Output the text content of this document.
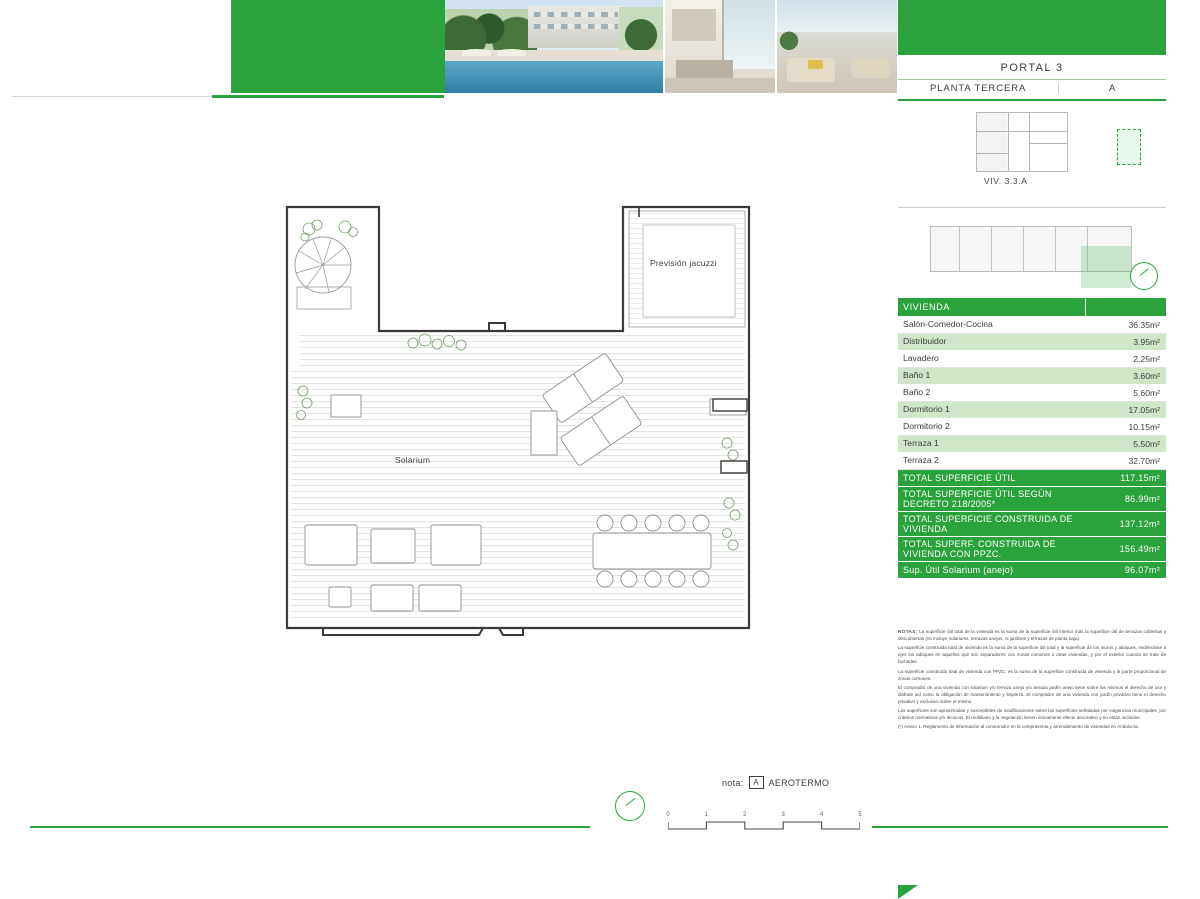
Previsión jacuzzi
Solarium
PORTAL 3
PLANTA TERCERA	A
VIV. 3.3.A
VIVIENDA
Salón-Comedor-Cocina	36.35m²
Distribuidor	3.95m²
Lavadero	2.25m²
Baño 1	3.60m²
Baño 2	5.60m²
Dormitorio 1	17.05m²
Dormitorio 2	10.15m²
Terraza 1	5.50m²
Terraza 2	32.70m²
TOTAL SUPERFICIE ÚTIL	117.15m²
TOTAL SUPERFICIE ÚTIL SEGÚN DECRETO 218/2005*	86.99m²
TOTAL SUPERFICIE CONSTRUIDA DE VIVIENDA	137.12m²
TOTAL SUPERF. CONSTRUIDA DE VIVIENDA CON PPZC.	156.49m²
Sup. Útil Solarium (anejo)	96.07m²

NOTAS: La superficie útil total de la vivienda es la suma de la superficie útil interior más la superficie útil de terrazas cubiertas y descubiertas (no incluye solariums, terrazas anejos, ni jardines y terrazas de planta baja).

La superficie construida total de vivienda es la suma de la superficie útil total y la superficie de los muros y tabiques, midiéndose a ejes los tabiques en aquellos que son separadores con zonas comunes u otras viviendas, y por el exterior cuando se trate de fachadas.

La superficie construida total de vivienda con PPZC, es la suma de la superficie construida de vivienda y la parte proporcional de zonas comunes.

El comprador de una vivienda con solarium y/o terraza anejo y/o terraza jardín anejo tiene sobre los mismos el derecho de uso y disfrute así como la obligación de mantenimiento y limpieza. El comprador de una vivienda con jardín privativo tiene el derecho privativo y exclusivo sobre el mismo.

Las superficies son aproximadas y susceptibles de modificaciones sobre las superficies señaladas por exigencias municipales, por criterios normativos y/o técnicos. El mobiliario y la vegetación tienen únicamente efecto decorativo y no están incluidos.

(*) Anexo 1. Reglamento de información al consumidor en la compraventa y arrendamiento de viviendas en Andalucía.

nota:	A	AEROTERMO
0	1	2	3	4	5
